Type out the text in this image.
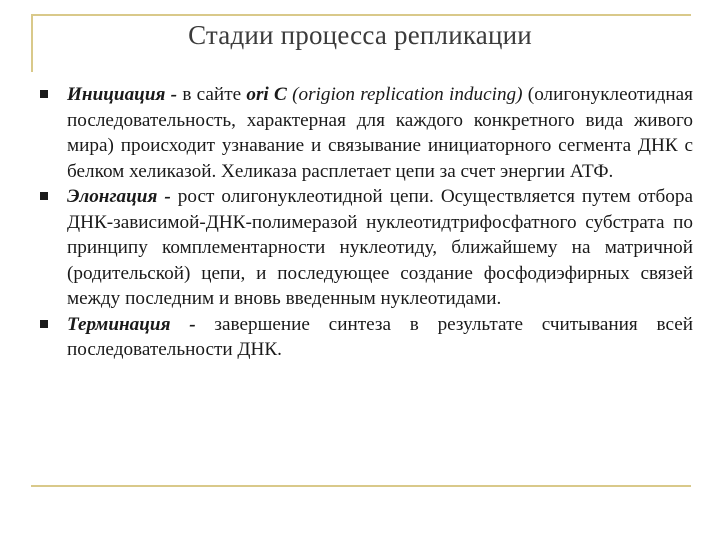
Стадии процесса репликации

Инициация - в сайте ori C (origion replication inducing) (олигонуклеотидная последовательность, характерная для каждого конкретного вида живого мира) происходит узнавание и связывание инициаторного сегмента ДНК с белком хеликазой. Хеликаза расплетает цепи за счет энергии АТФ.

Элонгация - рост олигонуклеотидной цепи. Осуществляется путем отбора ДНК-зависимой-ДНК-полимеразой нуклеотидтрифосфатного субстрата по принципу комплементарности нуклеотиду, ближайшему на матричной (родительской) цепи, и последующее создание фосфодиэфирных связей между последним и вновь введенным нуклеотидами.

Терминация - завершение синтеза в результате считывания всей последовательности ДНК.
